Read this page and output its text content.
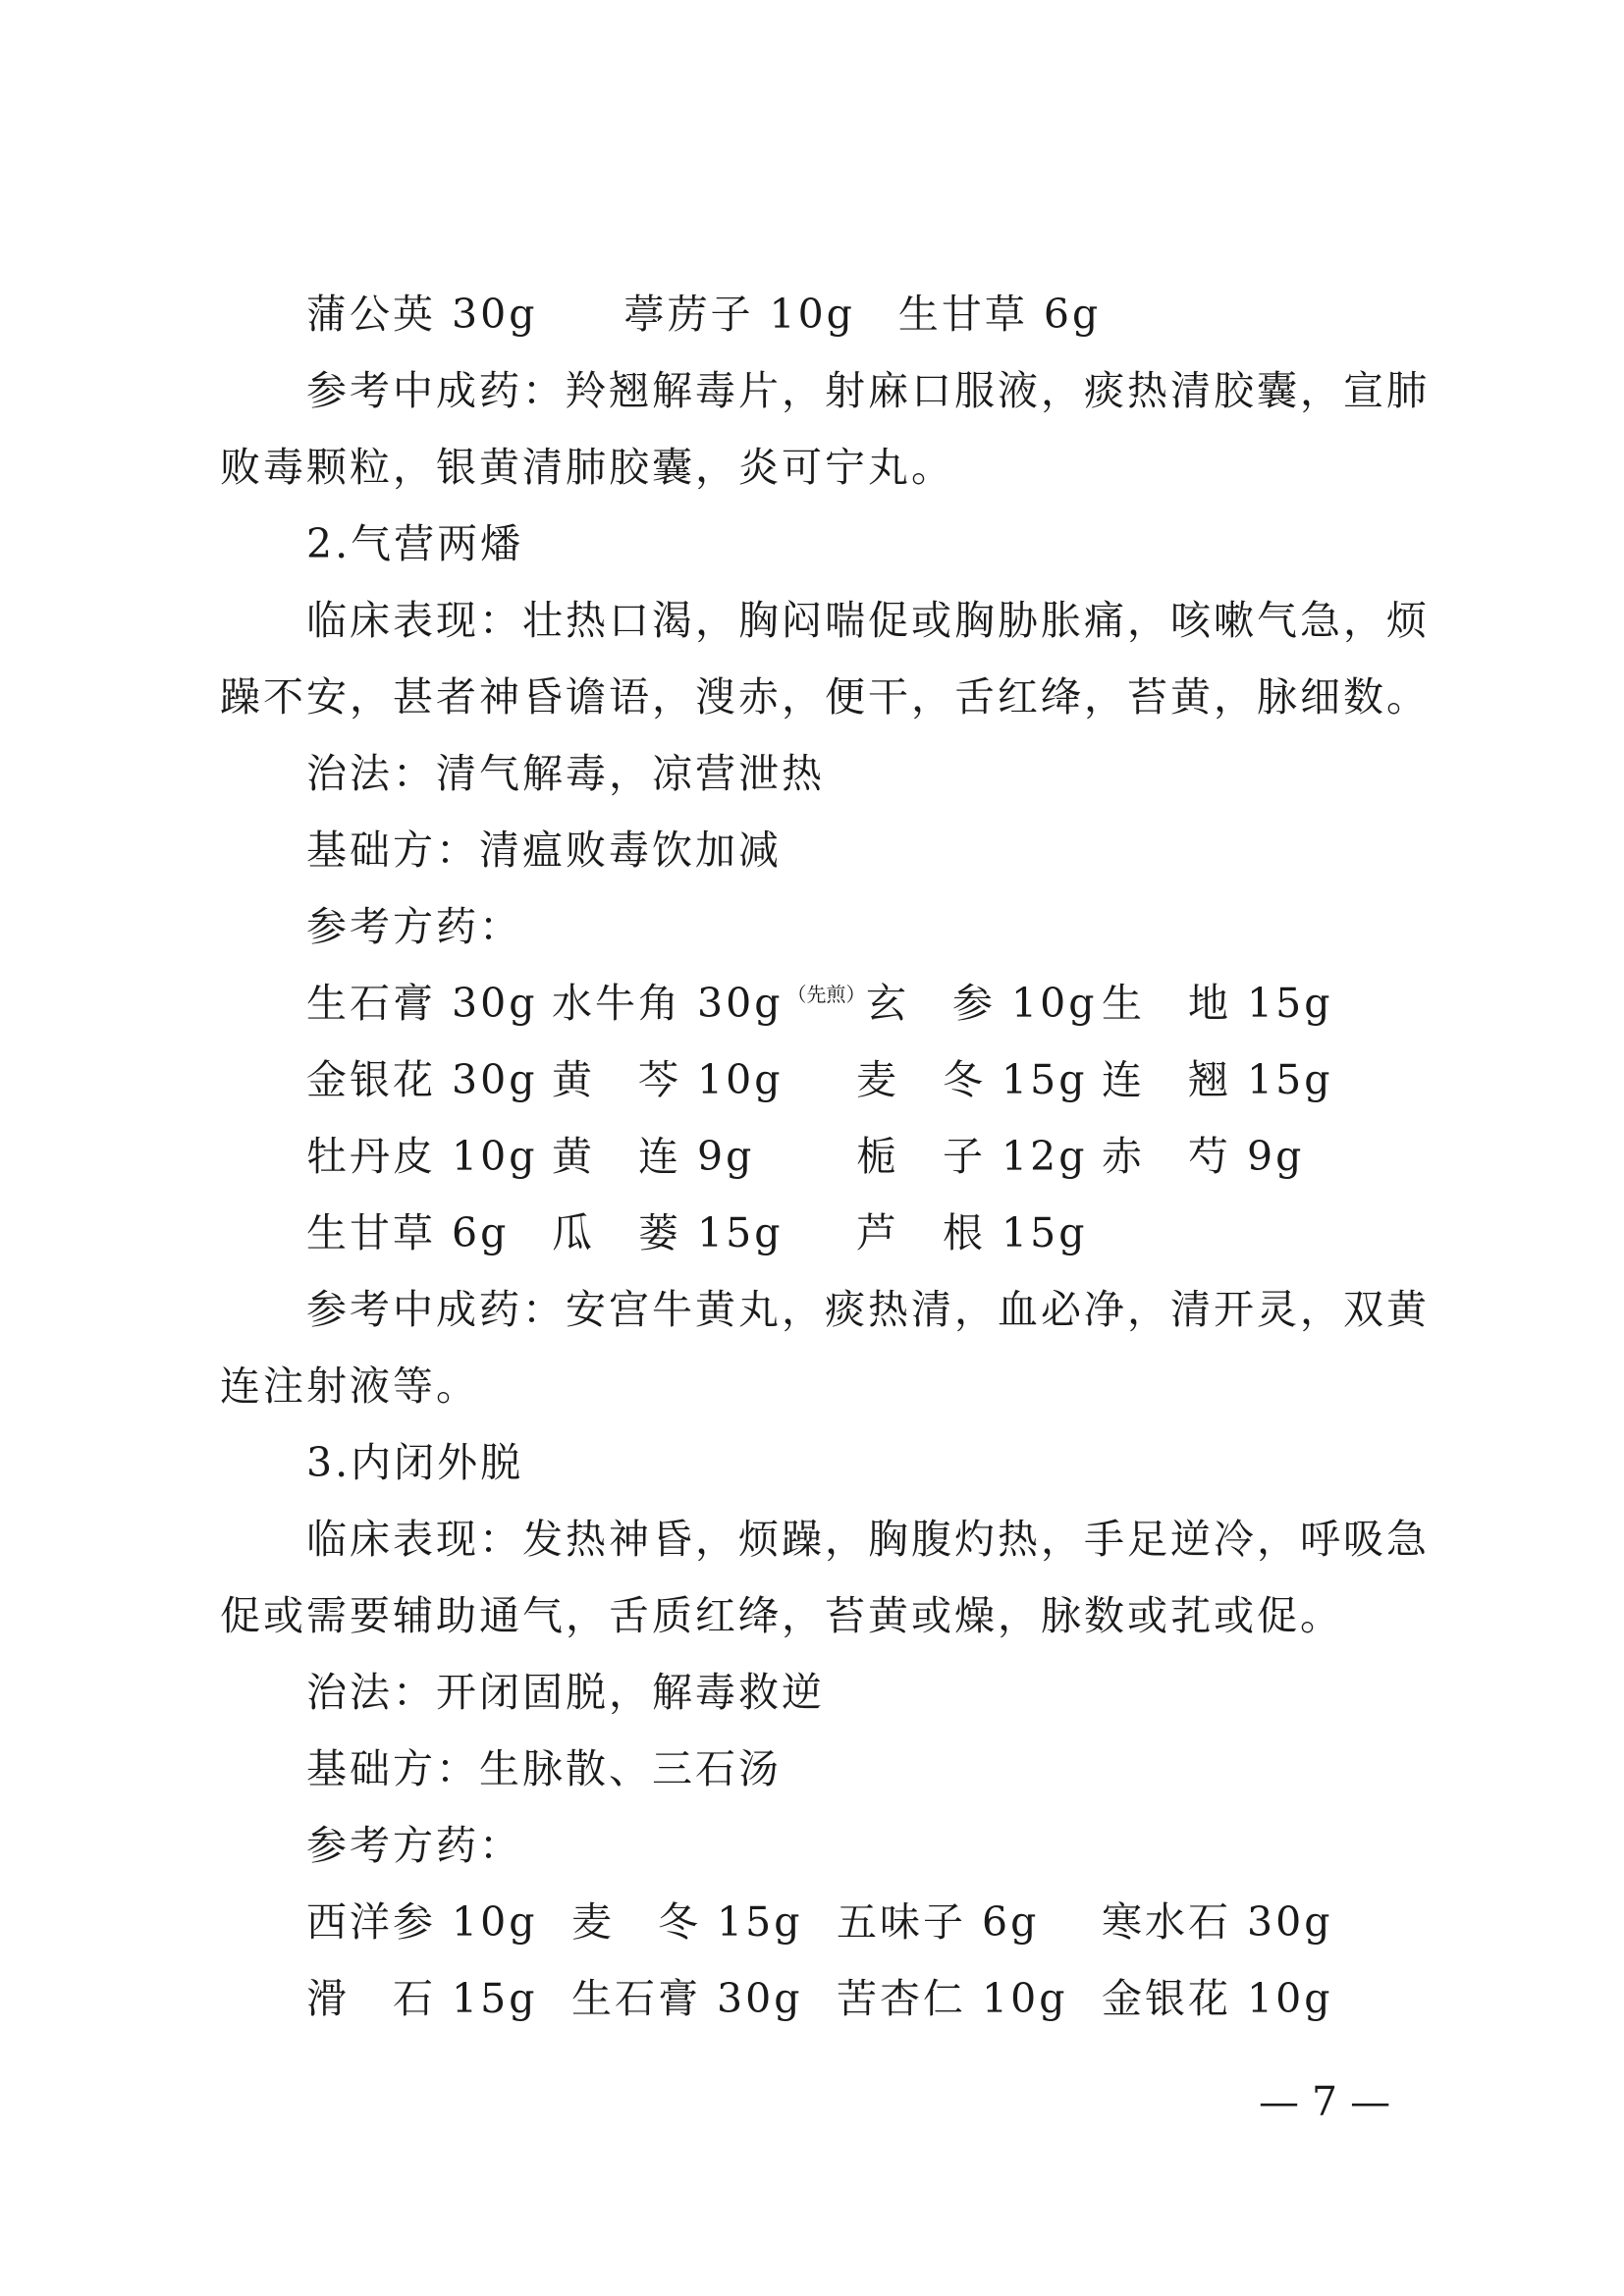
蒲公英 30g　　葶苈子 10g　生甘草 6g
参考中成药：羚翘解毒片，射麻口服液，痰热清胶囊，宣肺
败毒颗粒，银黄清肺胶囊，炎可宁丸。
2.气营两燔
临床表现：壮热口渴，胸闷喘促或胸胁胀痛，咳嗽气急，烦
躁不安，甚者神昏谵语，溲赤，便干，舌红绛，苔黄，脉细数。
治法：清气解毒，凉营泄热
基础方：清瘟败毒饮加减
参考方药：
生石膏 30g 水牛角 30g $^{(先煎)}$ 玄　参 10g 生　地 15g
金银花 30g 黄　芩 10g 麦　冬 15g 连　翘 15g
牡丹皮 10g 黄　连 9g	栀　子 12g 赤　芍 9g
生甘草 6g 瓜　蒌 15g 芦　根 15g
参考中成药：安宫牛黄丸，痰热清，血必净，清开灵，双黄
连注射液等。
3.内闭外脱
临床表现：发热神昏，烦躁，胸腹灼热，手足逆冷，呼吸急
促或需要辅助通气，舌质红绛，苔黄或燥，脉数或芤或促。
治法：开闭固脱，解毒救逆
基础方：生脉散、三石汤
参考方药：
西洋参 10g 麦　冬 15g 五味子 6g 寒水石 30g
滑　石 15g 生石膏 30g 苦杏仁 10g 金银花 10g
— 7 —
